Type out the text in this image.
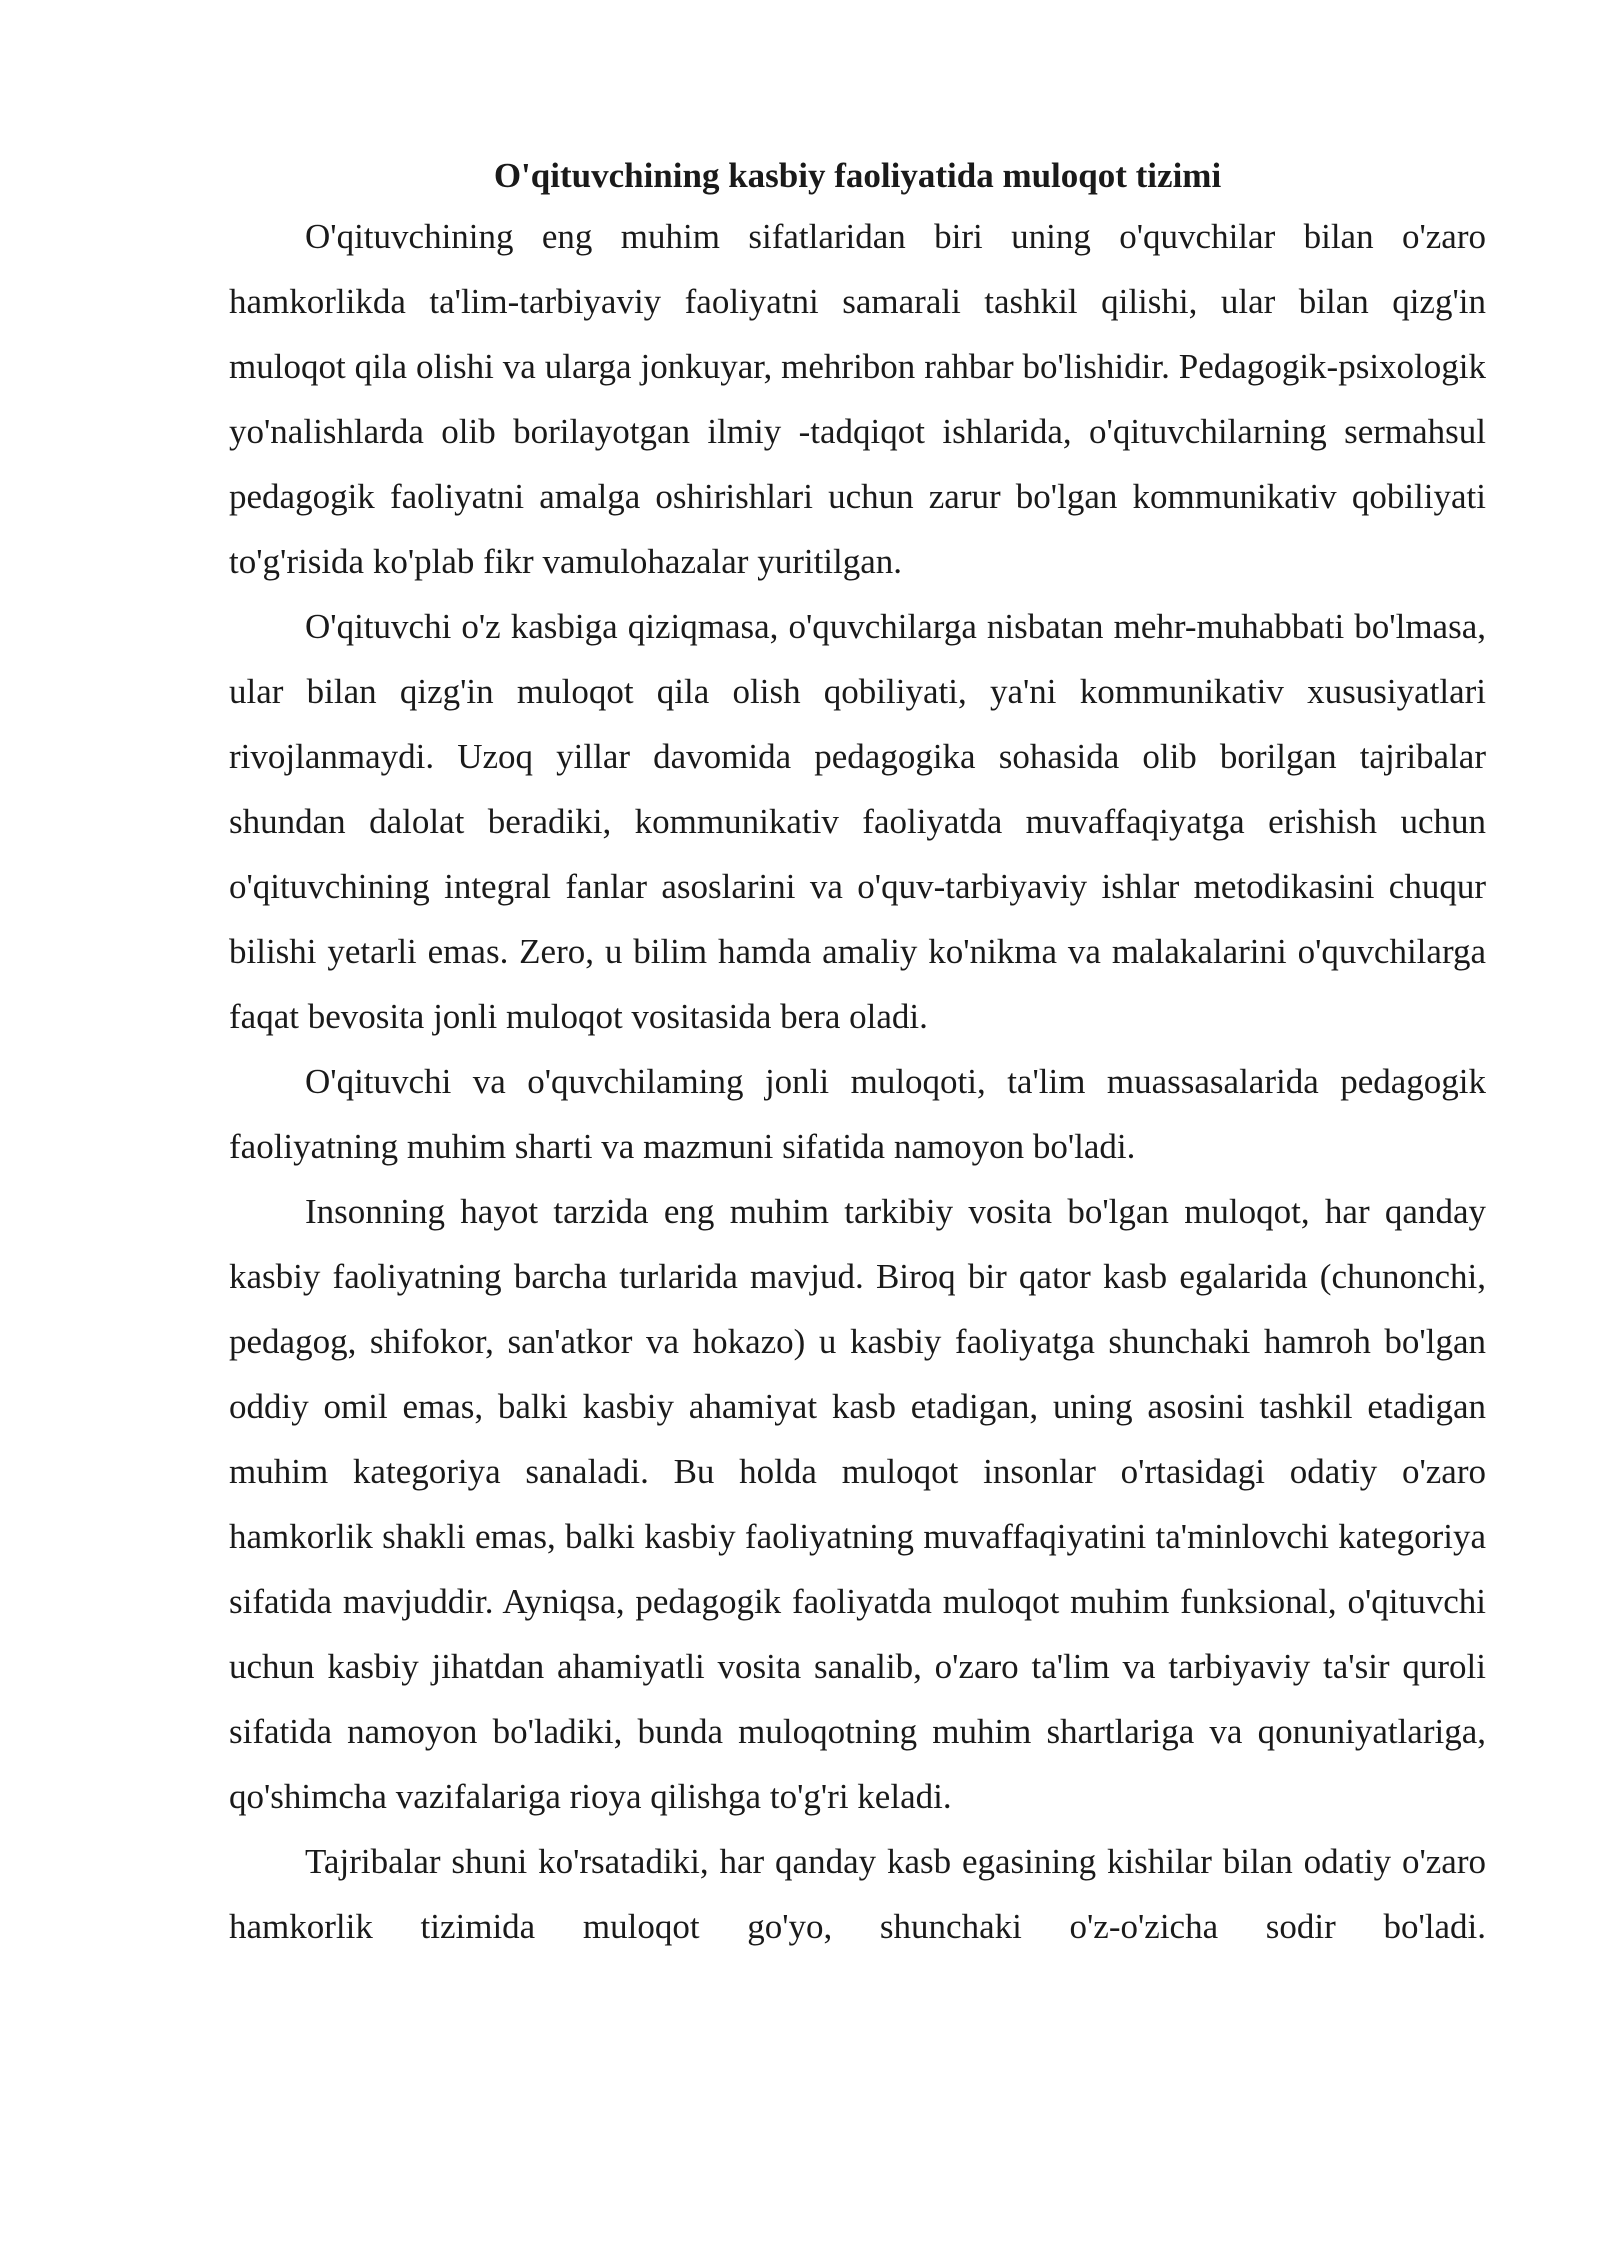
O'qituvchining kasbiy faoliyatida muloqot tizimi

O'qituvchining eng muhim sifatlaridan biri uning o'quvchilar bilan o'zaro hamkorlikda ta'lim-tarbiyaviy faoliyatni samarali tashkil qilishi, ular bilan qizg'in muloqot qila olishi va ularga jonkuyar, mehribon rahbar bo'lishidir. Pedagogik-psixologik yo'nalishlarda olib borilayotgan ilmiy -tadqiqot ishlarida, o'qituvchilarning sermahsul pedagogik faoliyatni amalga oshirishlari uchun zarur bo'lgan kommunikativ qobiliyati to'g'risida ko'plab fikr vamulohazalar yuritilgan.

O'qituvchi o'z kasbiga qiziqmasa, o'quvchilarga nisbatan mehr-muhabbati bo'lmasa, ular bilan qizg'in muloqot qila olish qobiliyati, ya'ni kommunikativ xususiyatlari rivojlanmaydi. Uzoq yillar davomida pedagogika sohasida olib borilgan tajribalar shundan dalolat beradiki, kommunikativ faoliyatda muvaffaqiyatga erishish uchun o'qituvchining integral fanlar asoslarini va o'quv-tarbiyaviy ishlar metodikasini chuqur bilishi yetarli emas. Zero, u bilim hamda amaliy ko'nikma va malakalarini o'quvchilarga faqat bevosita jonli muloqot vositasida bera oladi.

O'qituvchi va o'quvchilaming jonli muloqoti, ta'lim muassasalarida pedagogik faoliyatning muhim sharti va mazmuni sifatida namoyon bo'ladi.

Insonning hayot tarzida eng muhim tarkibiy vosita bo'lgan muloqot, har qanday kasbiy faoliyatning barcha turlarida mavjud. Biroq bir qator kasb egalarida (chunonchi, pedagog, shifokor, san'atkor va hokazo) u kasbiy faoliyatga shunchaki hamroh bo'lgan oddiy omil emas, balki kasbiy ahamiyat kasb etadigan, uning asosini tashkil etadigan muhim kategoriya sanaladi. Bu holda muloqot insonlar o'rtasidagi odatiy o'zaro hamkorlik shakli emas, balki kasbiy faoliyatning muvaffaqiyatini ta'minlovchi kategoriya sifatida mavjuddir. Ayniqsa, pedagogik faoliyatda muloqot muhim funksional, o'qituvchi uchun kasbiy jihatdan ahamiyatli vosita sanalib, o'zaro ta'lim va tarbiyaviy ta'sir quroli sifatida namoyon bo'ladiki, bunda muloqotning muhim shartlariga va qonuniyatlariga, qo'shimcha vazifalariga rioya qilishga to'g'ri keladi.

Tajribalar shuni ko'rsatadiki, har qanday kasb egasining kishilar bilan odatiy o'zaro hamkorlik tizimida muloqot go'yo, shunchaki o'z-o'zicha sodir bo'ladi.
